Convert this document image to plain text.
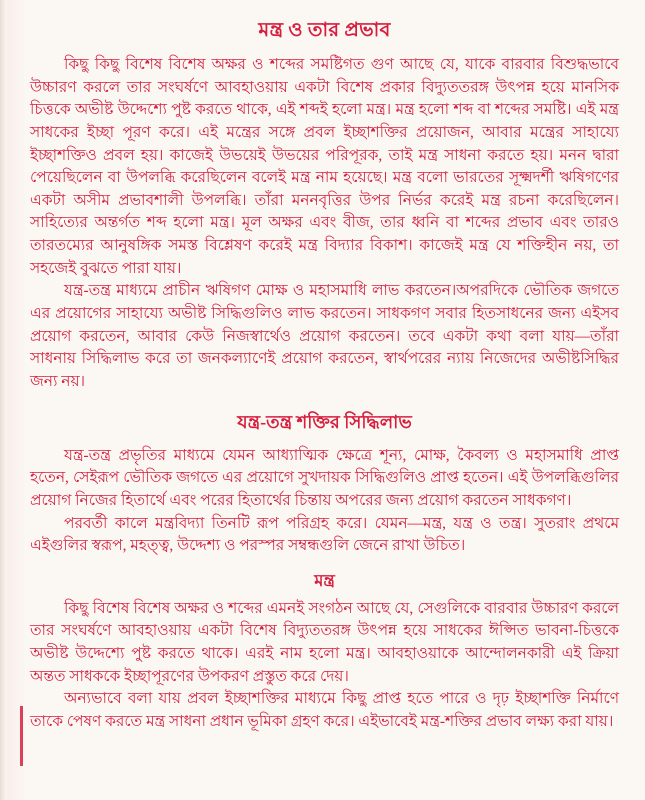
মন্ত্র ও তার প্রভাব

কিছু কিছু বিশেষ বিশেষ অক্ষর ও শব্দের সমষ্টিগত গুণ আছে যে, যাকে বারবার বিশুদ্ধভাবে উচ্চারণ করলে তার সংঘর্ষণে আবহাওয়ায় একটা বিশেষ প্রকার বিদ্যুততরঙ্গ উৎপন্ন হয়ে মানসিক চিত্তকে অভীষ্ট উদ্দেশ্যে পুষ্ট করতে থাকে, এই শব্দই হলো মন্ত্র। মন্ত্র হলো শব্দ বা শব্দের সমষ্টি। এই মন্ত্র সাধকের ইচ্ছা পূরণ করে। এই মন্ত্রের সঙ্গে প্রবল ইচ্ছাশক্তির প্রয়োজন, আবার মন্ত্রের সাহায্যে ইচ্ছাশক্তিও প্রবল হয়। কাজেই উভয়েই উভয়ের পরিপূরক, তাই মন্ত্র সাধনা করতে হয়। মনন দ্বারা পেয়েছিলেন বা উপলব্ধি করেছিলেন বলেই মন্ত্র নাম হয়েছে। মন্ত্র বলো ভারতের সূক্ষ্মদর্শী ঋষিগণের একটা অসীম প্রভাবশালী উপলব্ধি। তাঁরা মননবৃত্তির উপর নির্ভর করেই মন্ত্র রচনা করেছিলেন। সাহিত্যের অন্তর্গত শব্দ হলো মন্ত্র। মূল অক্ষর এবং বীজ, তার ধ্বনি বা শব্দের প্রভাব এবং তারও তারতম্যের আনুষঙ্গিক সমস্ত বিশ্লেষণ করেই মন্ত্র বিদ্যার বিকাশ। কাজেই মন্ত্র যে শক্তিহীন নয়, তা সহজেই বুঝতে পারা যায়।

যন্ত্র-তন্ত্র মাধ্যমে প্রাচীন ঋষিগণ মোক্ষ ও মহাসমাধি লাভ করতেন।অপরদিকে ভৌতিক জগতে এর প্রয়োগের সাহায্যে অভীষ্ট সিদ্ধিগুলিও লাভ করতেন। সাধকগণ সবার হিতসাধনের জন্য এইসব প্রয়োগ করতেন, আবার কেউ নিজস্বার্থেও প্রয়োগ করতেন। তবে একটা কথা বলা যায়—তাঁরা সাধনায় সিদ্ধিলাভ করে তা জনকল্যাণেই প্রয়োগ করতেন, স্বার্থপরের ন্যায় নিজেদের অভীষ্টসিদ্ধির জন্য নয়।

যন্ত্র-তন্ত্র শক্তির সিদ্ধিলাভ

যন্ত্র-তন্ত্র প্রভৃতির মাধ্যমে যেমন আধ্যাত্মিক ক্ষেত্রে শূন্য, মোক্ষ, কৈবল্য ও মহাসমাধি প্রাপ্ত হতেন, সেইরূপ ভৌতিক জগতে এর প্রয়োগে সুখদায়ক সিদ্ধিগুলিও প্রাপ্ত হতেন। এই উপলব্ধিগুলির প্রয়োগ নিজের হিতার্থে এবং পরের হিতার্থের চিন্তায় অপরের জন্য প্রয়োগ করতেন সাধকগণ।

পরবর্তী কালে মন্ত্রবিদ্যা তিনটি রূপ পরিগ্রহ করে। যেমন—মন্ত্র, যন্ত্র ও তন্ত্র। সুতরাং প্রথমে এইগুলির স্বরূপ, মহত্ত্ব, উদ্দেশ্য ও পরস্পর সম্বন্ধগুলি জেনে রাখা উচিত।

মন্ত্র

কিছু বিশেষ বিশেষ অক্ষর ও শব্দের এমনই সংগঠন আছে যে, সেগুলিকে বারবার উচ্চারণ করলে তার সংঘর্ষণে আবহাওয়ায় একটা বিশেষ বিদ্যুততরঙ্গ উৎপন্ন হয়ে সাধকের ঈপ্সিত ভাবনা-চিত্তকে অভীষ্ট উদ্দেশ্যে পুষ্ট করতে থাকে। এরই নাম হলো মন্ত্র। আবহাওয়াকে আন্দোলনকারী এই ক্রিয়া অন্তত সাধককে ইচ্ছাপূরণের উপকরণ প্রস্তুত করে দেয়।

অন্যভাবে বলা যায় প্রবল ইচ্ছাশক্তির মাধ্যমে কিছু প্রাপ্ত হতে পারে ও দৃঢ় ইচ্ছাশক্তি নির্মাণে তাকে পেষণ করতে মন্ত্র সাধনা প্রধান ভূমিকা গ্রহণ করে। এইভাবেই মন্ত্র-শক্তির প্রভাব লক্ষ্য করা যায়।
